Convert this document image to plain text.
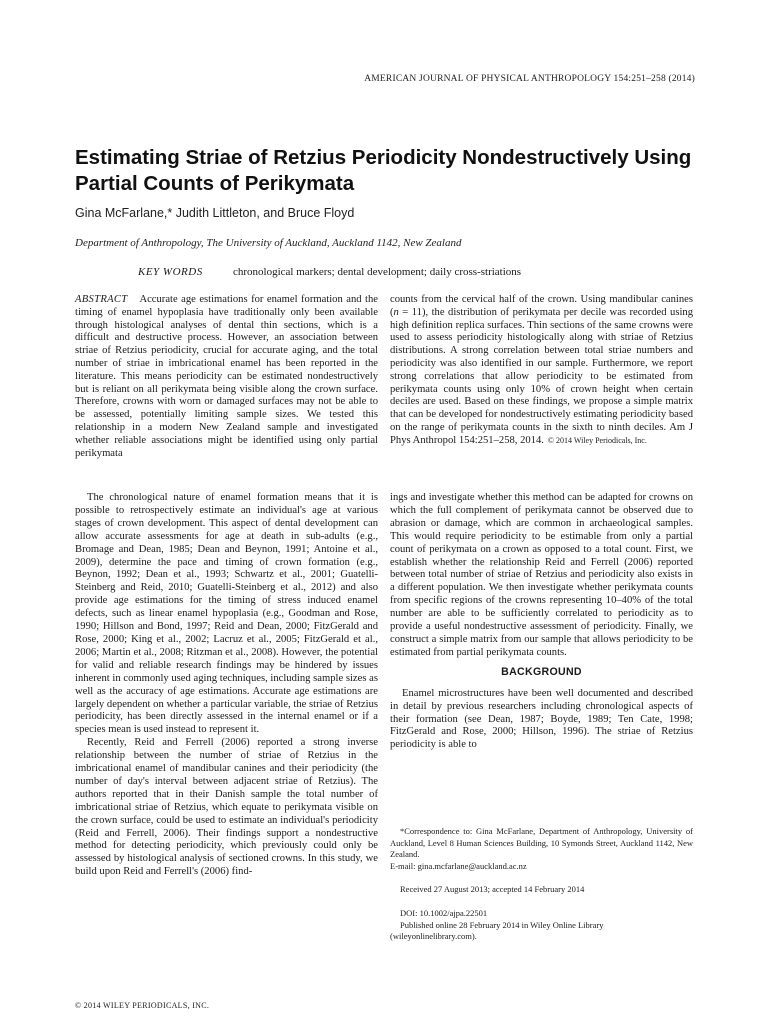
AMERICAN JOURNAL OF PHYSICAL ANTHROPOLOGY 154:251–258 (2014)
Estimating Striae of Retzius Periodicity Nondestructively Using Partial Counts of Perikymata
Gina McFarlane,* Judith Littleton, and Bruce Floyd
Department of Anthropology, The University of Auckland, Auckland 1142, New Zealand
KEY WORDS	chronological markers; dental development; daily cross-striations
ABSTRACT Accurate age estimations for enamel formation and the timing of enamel hypoplasia have traditionally only been available through histological analyses of dental thin sections, which is a difficult and destructive process. However, an association between striae of Retzius periodicity, crucial for accurate aging, and the total number of striae in imbricational enamel has been reported in the literature. This means periodicity can be estimated nondestructively but is reliant on all perikymata being visible along the crown surface. Therefore, crowns with worn or damaged surfaces may not be able to be assessed, potentially limiting sample sizes. We tested this relationship in a modern New Zealand sample and investigated whether reliable associations might be identified using only partial perikymata
counts from the cervical half of the crown. Using mandibular canines (n = 11), the distribution of perikymata per decile was recorded using high definition replica surfaces. Thin sections of the same crowns were used to assess periodicity histologically along with striae of Retzius distributions. A strong correlation between total striae numbers and periodicity was also identified in our sample. Furthermore, we report strong correlations that allow periodicity to be estimated from perikymata counts using only 10% of crown height when certain deciles are used. Based on these findings, we propose a simple matrix that can be developed for nondestructively estimating periodicity based on the range of perikymata counts in the sixth to ninth deciles. Am J Phys Anthropol 154:251–258, 2014. © 2014 Wiley Periodicals, Inc.

The chronological nature of enamel formation means that it is possible to retrospectively estimate an individual's age at various stages of crown development. This aspect of dental development can allow accurate assessments for age at death in sub-adults (e.g., Bromage and Dean, 1985; Dean and Beynon, 1991; Antoine et al., 2009), determine the pace and timing of crown formation (e.g., Beynon, 1992; Dean et al., 1993; Schwartz et al., 2001; Guatelli-Steinberg and Reid, 2010; Guatelli-Steinberg et al., 2012) and also provide age estimations for the timing of stress induced enamel defects, such as linear enamel hypoplasia (e.g., Goodman and Rose, 1990; Hillson and Bond, 1997; Reid and Dean, 2000; FitzGerald and Rose, 2000; King et al., 2002; Lacruz et al., 2005; FitzGerald et al., 2006; Martin et al., 2008; Ritzman et al., 2008). However, the potential for valid and reliable research findings may be hindered by issues inherent in commonly used aging techniques, including sample sizes as well as the accuracy of age estimations. Accurate age estimations are largely dependent on whether a particular variable, the striae of Retzius periodicity, has been directly assessed in the internal enamel or if a species mean is used instead to represent it.

Recently, Reid and Ferrell (2006) reported a strong inverse relationship between the number of striae of Retzius in the imbricational enamel of mandibular canines and their periodicity (the number of day's interval between adjacent striae of Retzius). The authors reported that in their Danish sample the total number of imbricational striae of Retzius, which equate to perikymata visible on the crown surface, could be used to estimate an individual's periodicity (Reid and Ferrell, 2006). Their findings support a nondestructive method for detecting periodicity, which previously could only be assessed by histological analysis of sectioned crowns. In this study, we build upon Reid and Ferrell's (2006) find-

ings and investigate whether this method can be adapted for crowns on which the full complement of perikymata cannot be observed due to abrasion or damage, which are common in archaeological samples. This would require periodicity to be estimable from only a partial count of perikymata on a crown as opposed to a total count. First, we establish whether the relationship Reid and Ferrell (2006) reported between total number of striae of Retzius and periodicity also exists in a different population. We then investigate whether perikymata counts from specific regions of the crowns representing 10–40% of the total number are able to be sufficiently correlated to periodicity as to provide a useful nondestructive assessment of periodicity. Finally, we construct a simple matrix from our sample that allows periodicity to be estimated from partial perikymata counts.

BACKGROUND

Enamel microstructures have been well documented and described in detail by previous researchers including chronological aspects of their formation (see Dean, 1987; Boyde, 1989; Ten Cate, 1998; FitzGerald and Rose, 2000; Hillson, 1996). The striae of Retzius periodicity is able to

*Correspondence to: Gina McFarlane, Department of Anthropology, University of Auckland, Level 8 Human Sciences Building, 10 Symonds Street, Auckland 1142, New Zealand.

E-mail: gina.mcfarlane@auckland.ac.nz

Received 27 August 2013; accepted 14 February 2014

DOI: 10.1002/ajpa.22501

Published online 28 February 2014 in Wiley Online Library

(wileyonlinelibrary.com).

© 2014 WILEY PERIODICALS, INC.
